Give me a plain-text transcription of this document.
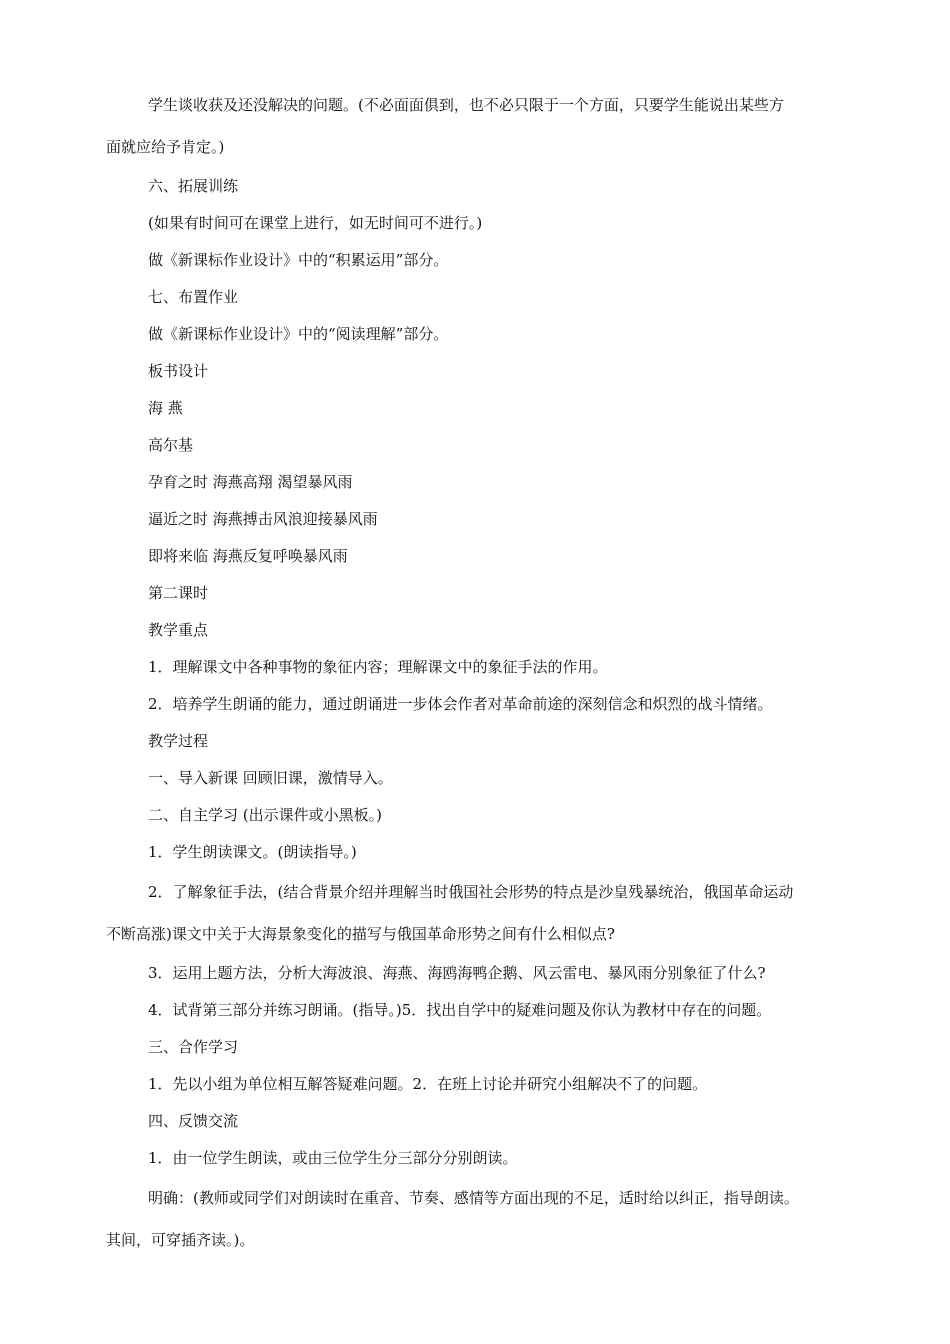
学生谈收获及还没解决的问题。(不必面面俱到，也不必只限于一个方面，只要学生能说出某些方
面就应给予肯定。)
六、拓展训练
(如果有时间可在课堂上进行，如无时间可不进行。)
做《新课标作业设计》中的“积累运用”部分。
七、布置作业
做《新课标作业设计》中的“阅读理解”部分。
板书设计
海 燕
高尔基
孕育之时 海燕高翔 渴望暴风雨
逼近之时 海燕搏击风浪迎接暴风雨
即将来临 海燕反复呼唤暴风雨
第二课时
教学重点
1．理解课文中各种事物的象征内容；理解课文中的象征手法的作用。
2．培养学生朗诵的能力，通过朗诵进一步体会作者对革命前途的深刻信念和炽烈的战斗情绪。
教学过程
一、导入新课 回顾旧课，激情导入。
二、自主学习 (出示课件或小黑板。)
1．学生朗读课文。(朗读指导。)
2．了解象征手法，(结合背景介绍并理解当时俄国社会形势的特点是沙皇残暴统治，俄国革命运动
不断高涨)课文中关于大海景象变化的描写与俄国革命形势之间有什么相似点?
3．运用上题方法，分析大海波浪、海燕、海鸥海鸭企鹅、风云雷电、暴风雨分别象征了什么?
4．试背第三部分并练习朗诵。(指导。)5．找出自学中的疑难问题及你认为教材中存在的问题。
三、合作学习
1．先以小组为单位相互解答疑难问题。2．在班上讨论并研究小组解决不了的问题。
四、反馈交流
1．由一位学生朗读，或由三位学生分三部分分别朗读。
明确：(教师或同学们对朗读时在重音、节奏、感情等方面出现的不足，适时给以纠正，指导朗读。
其间，可穿插齐读。)。
